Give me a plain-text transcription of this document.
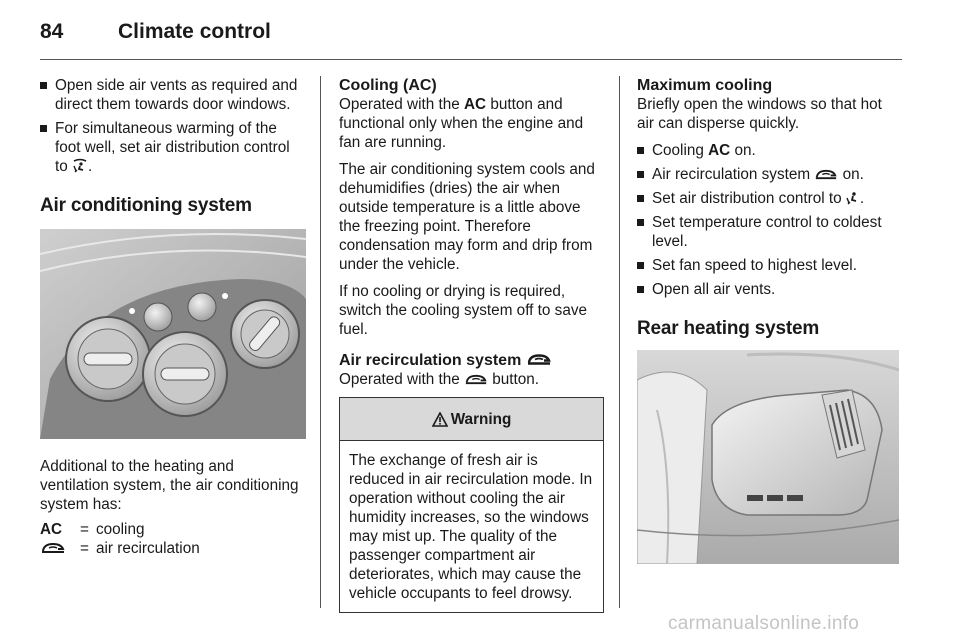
84	Climate control
Open side air vents as required and direct them towards door windows.
For simultaneous warming of the foot well, set air distribution control to .
Air conditioning system

Additional to the heating and ventilation system, the air conditioning system has:

AC	= cooling
= air recirculation
Cooling (AC)

Operated with the AC button and functional only when the engine and fan are running.

The air conditioning system cools and dehumidifies (dries) the air when outside temperature is a little above the freezing point. Therefore condensation may form and drip from under the vehicle.

If no cooling or drying is required, switch the cooling system off to save fuel.

Air recirculation system

Operated with the  button.

Warning
The exchange of fresh air is reduced in air recirculation mode. In operation without cooling the air humidity increases, so the windows may mist up. The quality of the passenger compartment air deteriorates, which may cause the vehicle occupants to feel drowsy.
Maximum cooling

Briefly open the windows so that hot air can disperse quickly.

Cooling AC on.
Air recirculation system  on.
Set air distribution control to .
Set temperature control to coldest level.
Set fan speed to highest level.
Open all air vents.
Rear heating system
carmanualsonline.info
